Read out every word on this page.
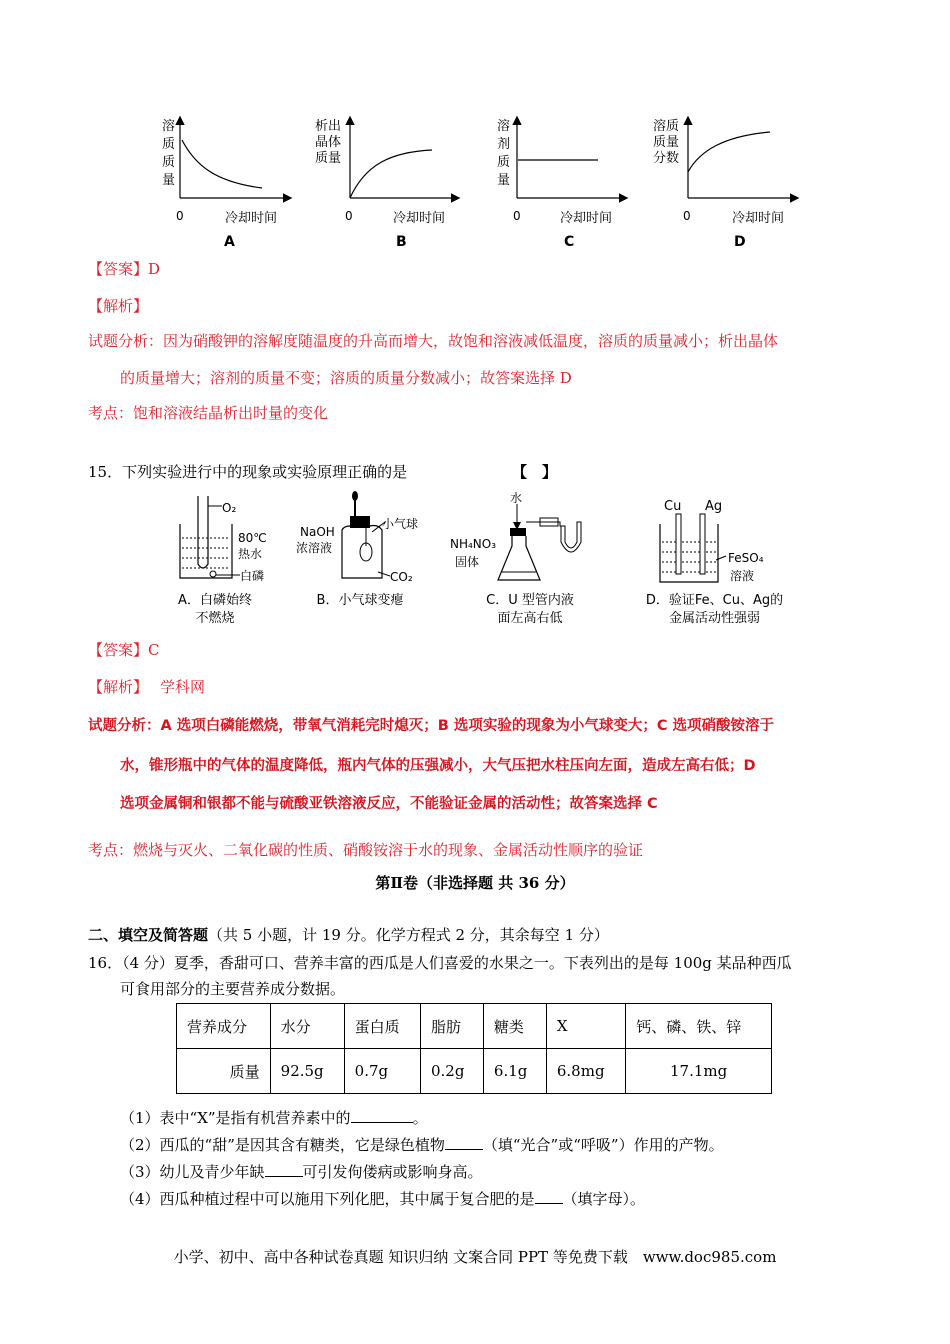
溶
质
质
量
0	冷却时间
A
析出
晶体
质量
0	冷却时间
B
溶
剂
质
量
0	冷却时间
C
溶质
质量
分数
0	冷却时间
D
【答案】D
【解析】
试题分析：因为硝酸钾的溶解度随温度的升高而增大，故饱和溶液减低温度，溶质的质量减小；析出晶体
的质量增大；溶剂的质量不变；溶质的质量分数减小；故答案选择 D
考点：饱和溶液结晶析出时量的变化
15．下列实验进行中的现象或实验原理正确的是	【　】
O₂
80℃
热水
白磷
NaOH
浓溶液
小气球
CO₂
水
NH₄NO₃
固体
Cu Ag
FeSO₄
溶液
A．白磷始终
不燃烧
B．小气球变瘪	C．U 型管内液
面左高右低
D．验证Fe、Cu、Ag的
金属活动性强弱
【答案】C
【解析】 学科网
试题分析：A 选项白磷能燃烧，带氧气消耗完时熄灭；B 选项实验的现象为小气球变大；C 选项硝酸铵溶于
水，锥形瓶中的气体的温度降低，瓶内气体的压强减小，大气压把水柱压向左面，造成左高右低；D
选项金属铜和银都不能与硫酸亚铁溶液反应，不能验证金属的活动性；故答案选择 C
考点：燃烧与灭火、二氧化碳的性质、硝酸铵溶于水的现象、金属活动性顺序的验证
第Ⅱ卷（非选择题 共 36 分）
二、填空及简答题（共 5 小题，计 19 分。化学方程式 2 分，其余每空 1 分）
16．（4 分）夏季，香甜可口、营养丰富的西瓜是人们喜爱的水果之一。下表列出的是每 100g 某品种西瓜
可食用部分的主要营养成分数据。
营养成分	水分	蛋白质	脂肪	糖类	X	钙、磷、铁、锌
质量	92.5g	0.7g	0.2g	6.1g	6.8mg	17.1mg
（1）表中“X”是指有机营养素中的	。
（2）西瓜的“甜”是因其含有糖类，它是绿色植物	（填“光合”或“呼吸”）作用的产物。
（3）幼儿及青少年缺	可引发佝偻病或影响身高。
（4）西瓜种植过程中可以施用下列化肥，其中属于复合肥的是 （填字母）。
小学、初中、高中各种试卷真题 知识归纳 文案合同 PPT 等免费下载　www.doc985.com
